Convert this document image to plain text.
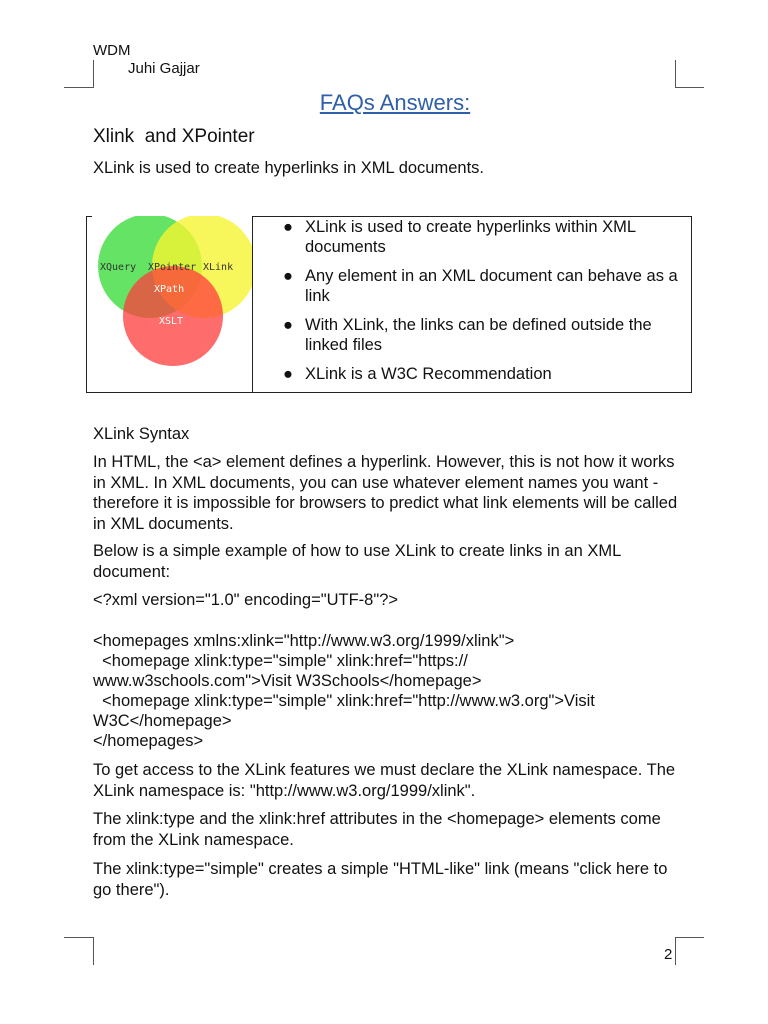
WDM
Juhi Gajjar
FAQs Answers:
Xlink  and XPointer
XLink is used to create hyperlinks in XML documents.
XQuery XPointer XLink
XPath
XSLT
● XLink is used to create hyperlinks within XML documents
● Any element in an XML document can behave as a link
● With XLink, the links can be defined outside the linked files
● XLink is a W3C Recommendation
XLink Syntax
In HTML, the <a> element defines a hyperlink. However, this is not how it works in XML. In XML documents, you can use whatever element names you want - therefore it is impossible for browsers to predict what link elements will be called in XML documents.
Below is a simple example of how to use XLink to create links in an XML document:
<?xml version="1.0" encoding="UTF-8"?>
<homepages xmlns:xlink="http://www.w3.org/1999/xlink">
<homepage xlink:type="simple" xlink:href="https://
www.w3schools.com">Visit W3Schools</homepage>
<homepage xlink:type="simple" xlink:href="http://www.w3.org">Visit
W3C</homepage>
</homepages>
To get access to the XLink features we must declare the XLink namespace. The XLink namespace is: "http://www.w3.org/1999/xlink".
The xlink:type and the xlink:href attributes in the <homepage> elements come from the XLink namespace.
The xlink:type="simple" creates a simple "HTML-like" link (means "click here to go there").
2
